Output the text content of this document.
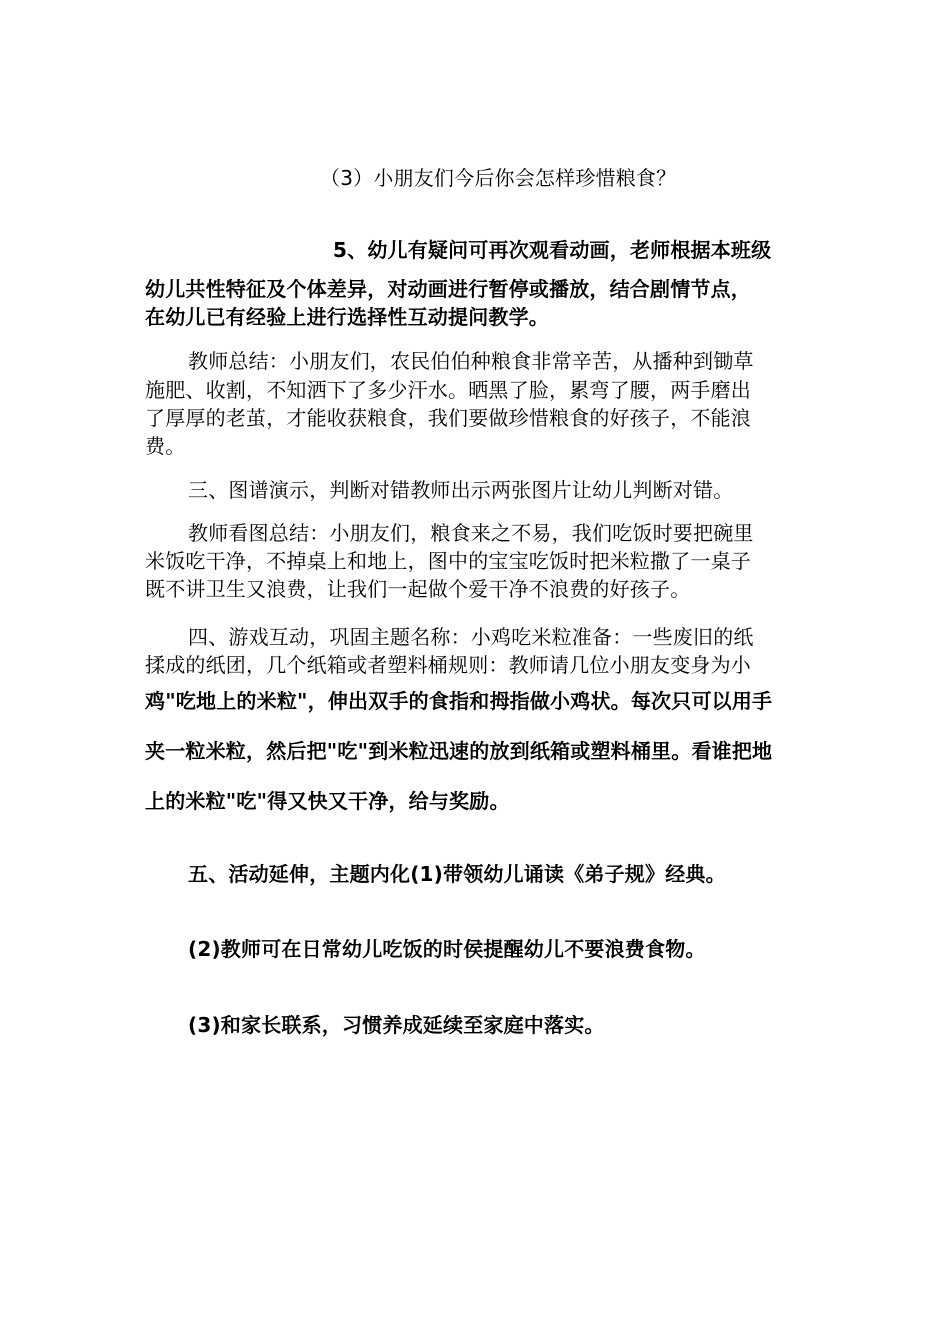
（3）小朋友们今后你会怎样珍惜粮食？
5、幼儿有疑问可再次观看动画，老师根据本班级
幼儿共性特征及个体差异，对动画进行暂停或播放，结合剧情节点，
在幼儿已有经验上进行选择性互动提问教学。
教师总结：小朋友们，农民伯伯种粮食非常辛苦，从播种到锄草
施肥、收割，不知洒下了多少汗水。晒黑了脸，累弯了腰，两手磨出
了厚厚的老茧，才能收获粮食，我们要做珍惜粮食的好孩子，不能浪
费。
三、图谱演示，判断对错教师出示两张图片让幼儿判断对错。
教师看图总结：小朋友们，粮食来之不易，我们吃饭时要把碗里
米饭吃干净，不掉桌上和地上，图中的宝宝吃饭时把米粒撒了一桌子
既不讲卫生又浪费，让我们一起做个爱干净不浪费的好孩子。
四、游戏互动，巩固主题名称：小鸡吃米粒准备：一些废旧的纸
揉成的纸团，几个纸箱或者塑料桶规则：教师请几位小朋友变身为小
鸡"吃地上的米粒"，伸出双手的食指和拇指做小鸡状。每次只可以用手
夹一粒米粒，然后把"吃"到米粒迅速的放到纸箱或塑料桶里。看谁把地
上的米粒"吃"得又快又干净，给与奖励。
五、活动延伸，主题内化(1)带领幼儿诵读《弟子规》经典。
(2)教师可在日常幼儿吃饭的时侯提醒幼儿不要浪费食物。
(3)和家长联系，习惯养成延续至家庭中落实。
